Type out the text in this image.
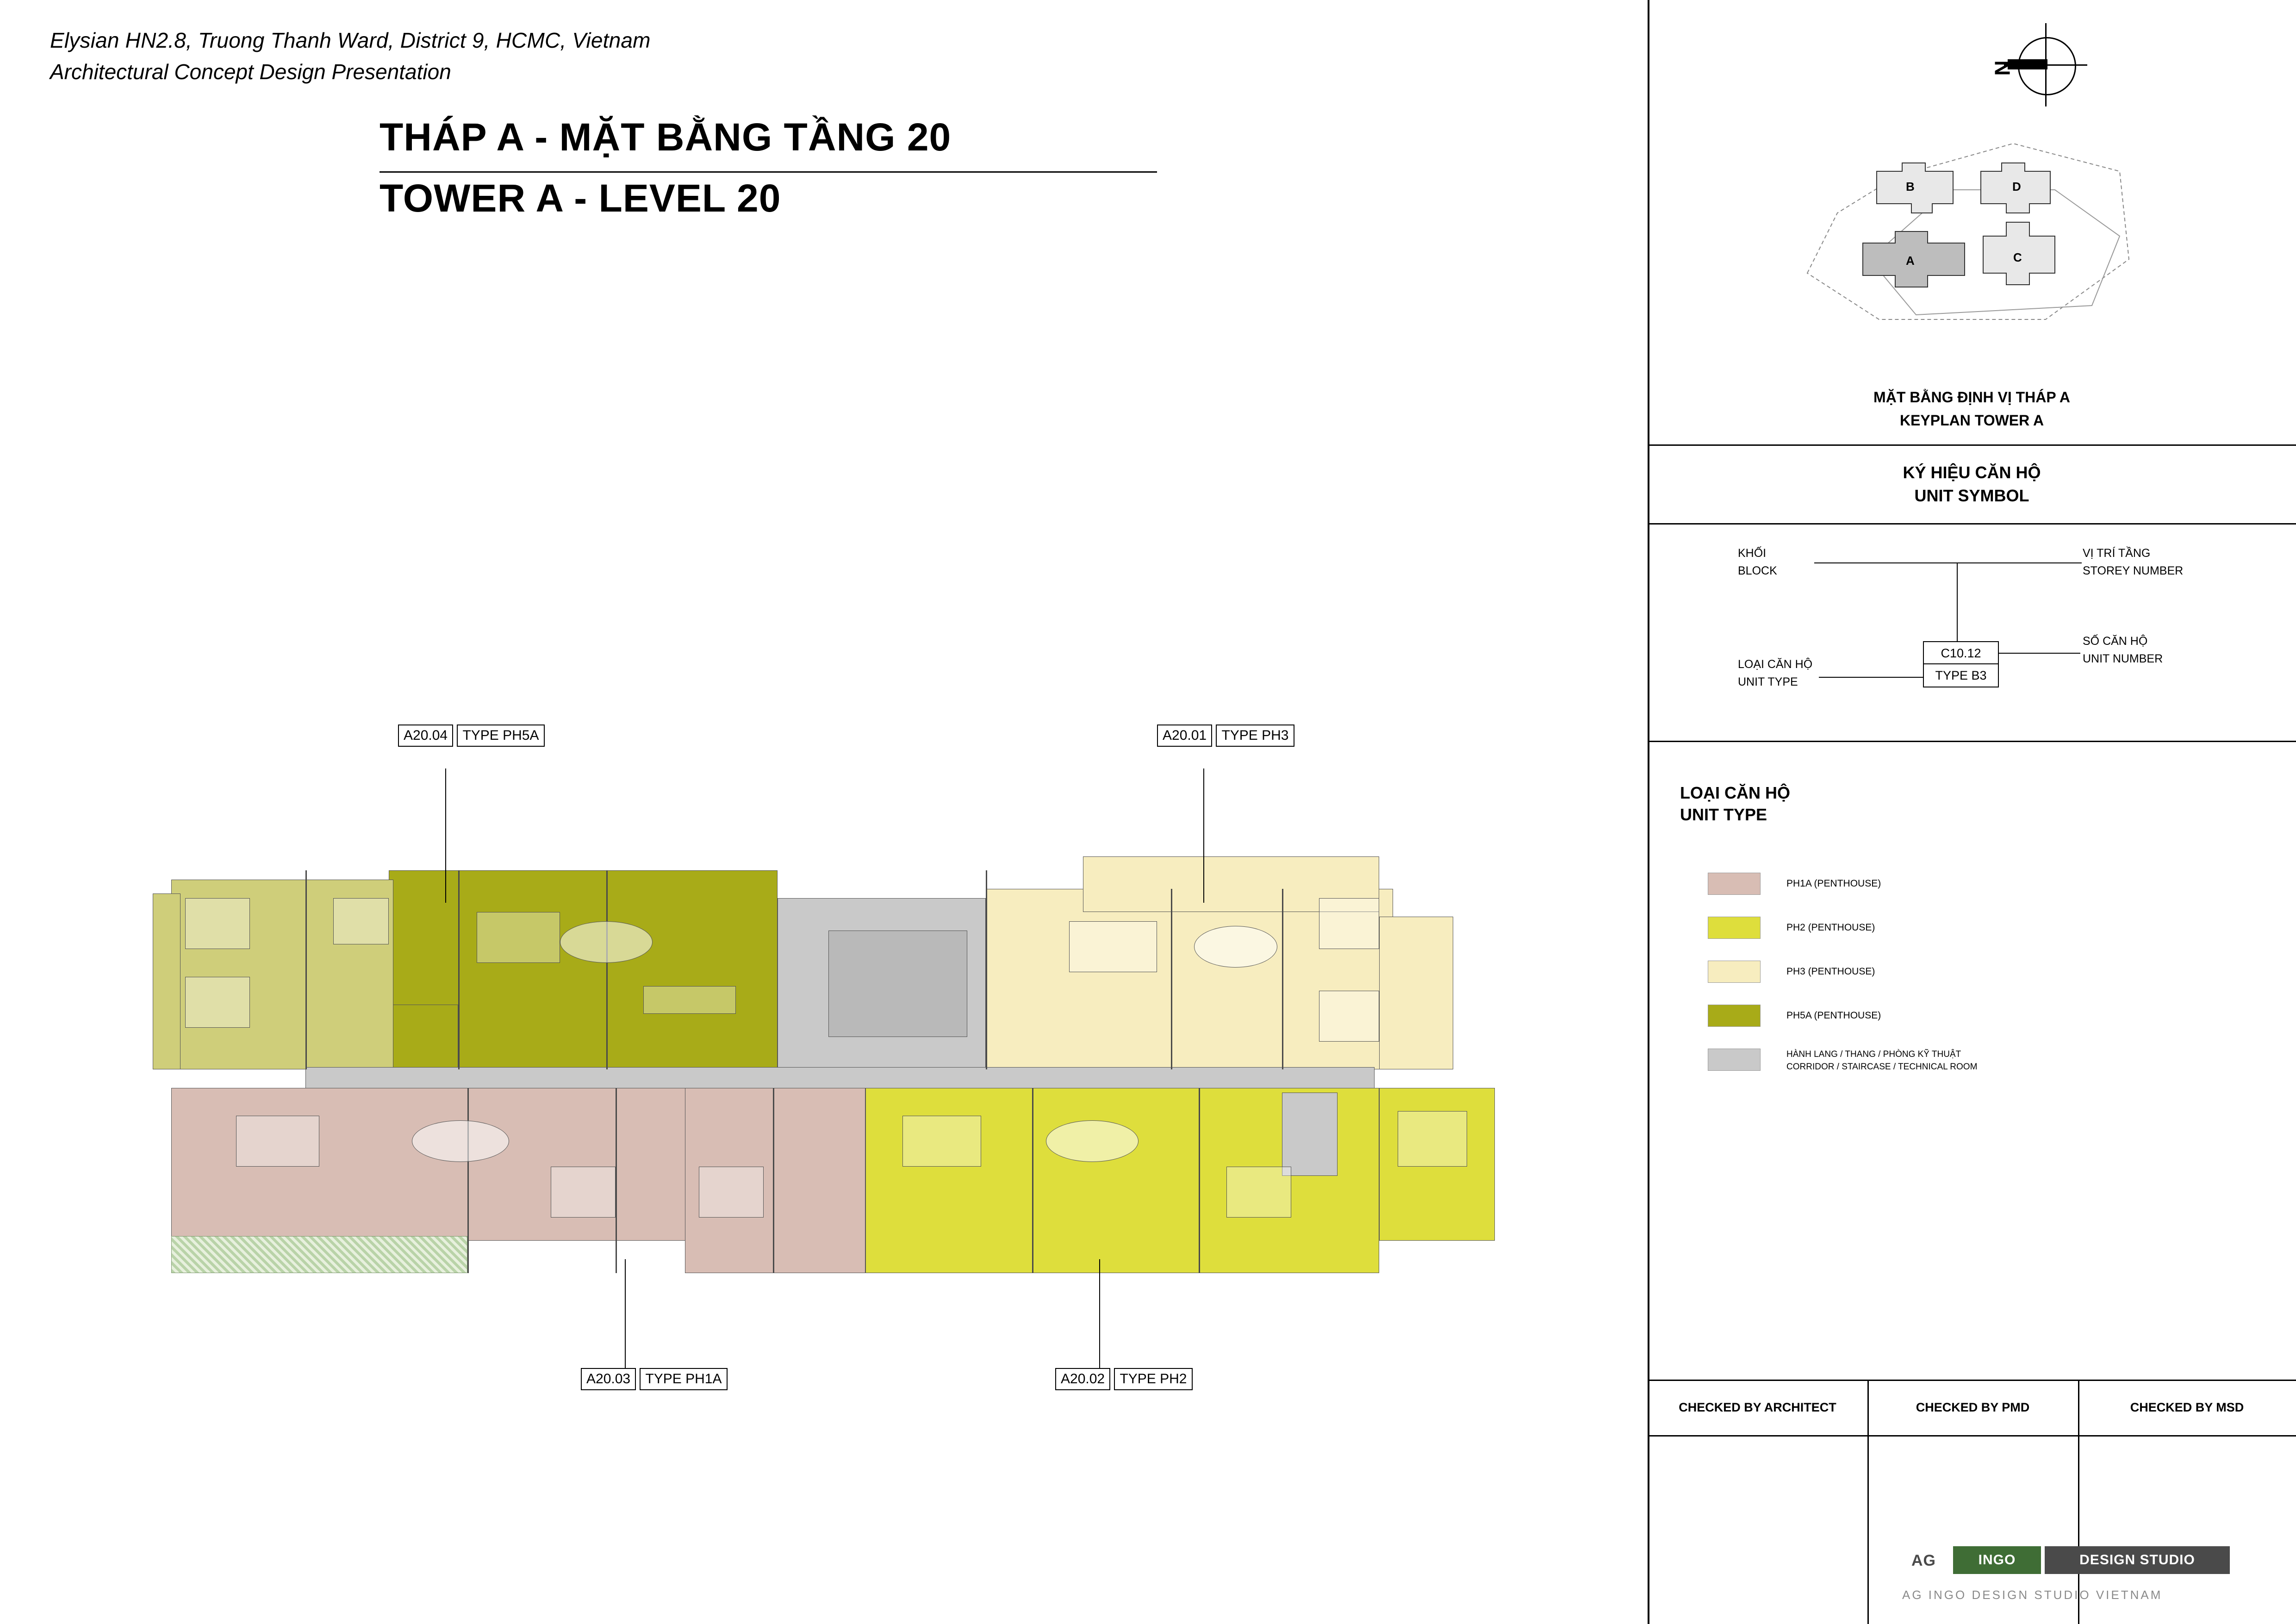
Elysian HN2.8, Truong Thanh Ward, District 9, HCMC, Vietnam
Architectural Concept Design Presentation
THÁP A - MẶT BẰNG TẦNG 20
TOWER A - LEVEL 20
A20.04 TYPE PH5A	A20.01 TYPE PH3
A20.03 TYPE PH1A	A20.02 TYPE PH2
N
B	D
A	C
MẶT BẰNG ĐỊNH VỊ THÁP A
KEYPLAN TOWER A
KÝ HIỆU CĂN HỘ
UNIT SYMBOL
KHỐI
BLOCK
VỊ TRÍ TẦNG
STOREY NUMBER
LOẠI CĂN HỘ
UNIT TYPE
SỐ CĂN HỘ
UNIT NUMBER
C10.12
TYPE B3
LOẠI CĂN HỘ
UNIT TYPE
PH1A (PENTHOUSE)
PH2 (PENTHOUSE)
PH3 (PENTHOUSE)
PH5A (PENTHOUSE)
HÀNH LANG / THANG / PHÒNG KỸ THUẬT
CORRIDOR / STAIRCASE / TECHNICAL ROOM
CHECKED BY ARCHITECT	CHECKED BY PMD	CHECKED BY MSD
AG	INGO	DESIGN STUDIO
AG INGO DESIGN STUDIO VIETNAM
